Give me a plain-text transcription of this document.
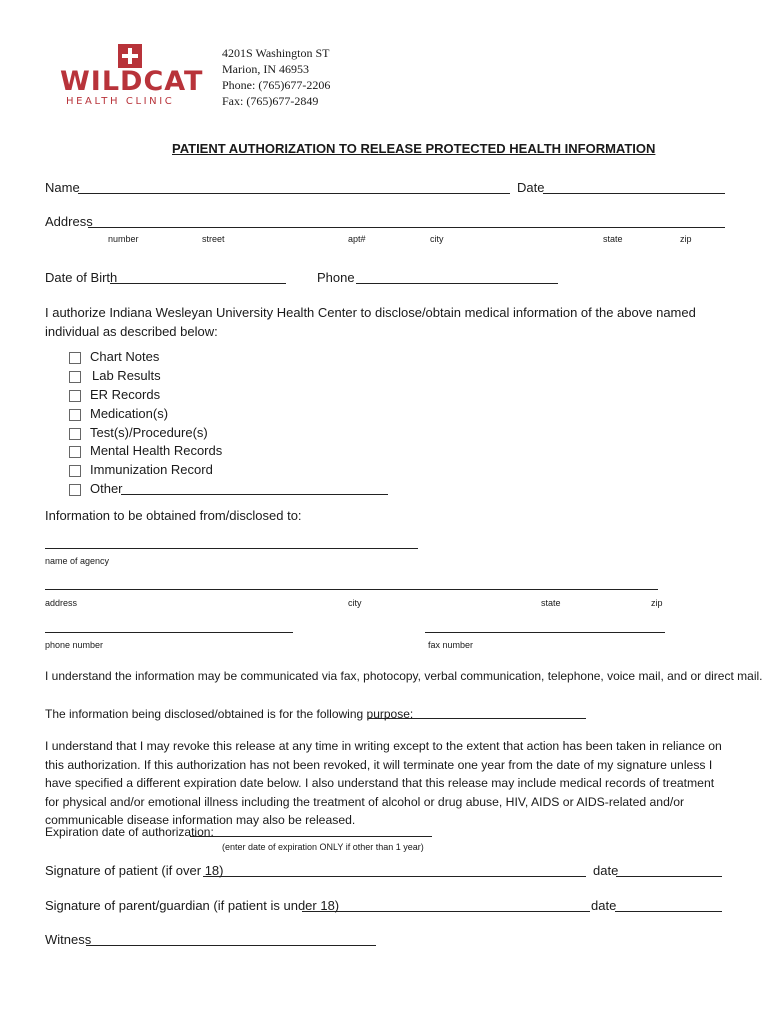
WILDCAT
HEALTH CLINIC
4201S Washington ST
Marion, IN 46953
Phone: (765)677-2206
Fax: (765)677-2849
PATIENT AUTHORIZATION TO RELEASE PROTECTED HEALTH INFORMATION
Name	Date
Address
number	street	apt#	city	state	zip
Date of Birth	Phone
I authorize Indiana Wesleyan University Health Center to disclose/obtain medical information of the above named individual as described below:
Chart Notes
Lab Results
ER Records
Medication(s)
Test(s)/Procedure(s)
Mental Health Records
Immunization Record
Other
Information to be obtained from/disclosed to:
name of agency
address	city	state	zip
phone number	fax number
I understand the information may be communicated via fax, photocopy, verbal communication, telephone, voice mail, and or direct mail.
The information being disclosed/obtained is for the following purpose:
I understand that I may revoke this release at any time in writing except to the extent that action has been taken in reliance on this authorization. If this authorization has not been revoked, it will terminate one year from the date of my signature unless I have specified a different expiration date below. I also understand that this release may include medical records of treatment for physical and/or emotional illness including the treatment of alcohol or drug abuse, HIV, AIDS or AIDS-related and/or communicable disease information may also be released.
Expiration date of authorization:
(enter date of expiration ONLY if other than 1 year)
Signature of patient (if over 18)	date
Signature of parent/guardian (if patient is under 18)	date
Witness
